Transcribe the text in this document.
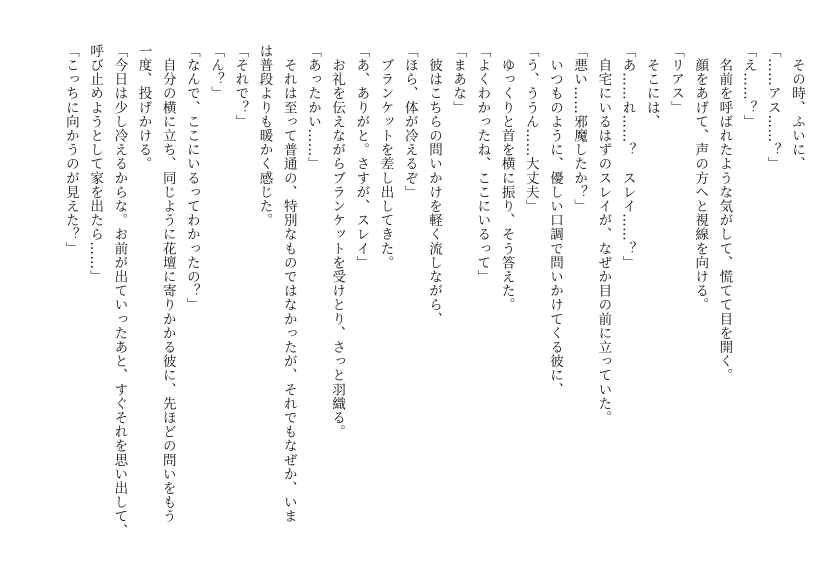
　その時、ふいに、
「……アス……？」
「え……？」
　名前を呼ばれたような気がして、慌てて目を開く。
　顔をあげて、声の方へと視線を向ける。
「リアス」
　そこには、
「あ……れ……？　スレイ……？」
　自宅にいるはずのスレイが、なぜか目の前に立っていた。
「悪い……邪魔したか？」
　いつものように、優しい口調で問いかけてくる彼に、
「う、ううん……大丈夫」
　ゆっくりと首を横に振り、そう答えた。
「よくわかったね、ここにいるって」
「まあな」
　彼はこちらの問いかけを軽く流しながら、
「ほら、体が冷えるぞ」
　ブランケットを差し出してきた。
「あ、ありがと。さすが、スレイ」
　お礼を伝えながらブランケットを受けとり、さっと羽織る。
「あったかい……」
　それは至って普通の、特別なものではなかったが、それでもなぜか、いま
は普段よりも暖かく感じた。
「それで？」
「ん？」
「なんで、ここにいるってわかったの？」
　自分の横に立ち、同じように花壇に寄りかかる彼に、先ほどの問いをもう
一度、投げかける。
「今日は少し冷えるからな。お前が出ていったあと、すぐそれを思い出して、
呼び止めようとして家を出たら……」
「こっちに向かうのが見えた？」
